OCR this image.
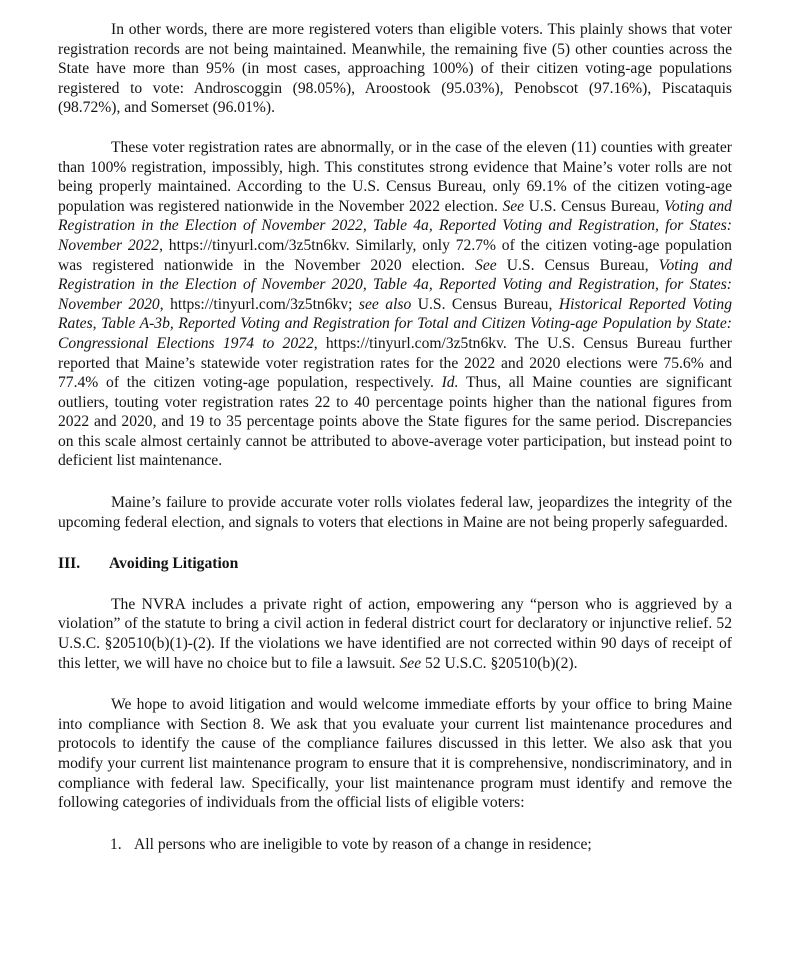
In other words, there are more registered voters than eligible voters. This plainly shows that voter registration records are not being maintained. Meanwhile, the remaining five (5) other counties across the State have more than 95% (in most cases, approaching 100%) of their citizen voting-age populations registered to vote: Androscoggin (98.05%), Aroostook (95.03%), Penobscot (97.16%), Piscataquis (98.72%), and Somerset (96.01%).

These voter registration rates are abnormally, or in the case of the eleven (11) counties with greater than 100% registration, impossibly, high. This constitutes strong evidence that Maine’s voter rolls are not being properly maintained. According to the U.S. Census Bureau, only 69.1% of the citizen voting-age population was registered nationwide in the November 2022 election. See U.S. Census Bureau, Voting and Registration in the Election of November 2022, Table 4a, Reported Voting and Registration, for States: November 2022, https://tinyurl.com/3z5tn6kv. Similarly, only 72.7% of the citizen voting-age population was registered nationwide in the November 2020 election. See U.S. Census Bureau, Voting and Registration in the Election of November 2020, Table 4a, Reported Voting and Registration, for States: November 2020, https://tinyurl.com/3z5tn6kv; see also U.S. Census Bureau, Historical Reported Voting Rates, Table A-3b, Reported Voting and Registration for Total and Citizen Voting-age Population by State: Congressional Elections 1974 to 2022, https://tinyurl.com/3z5tn6kv. The U.S. Census Bureau further reported that Maine’s statewide voter registration rates for the 2022 and 2020 elections were 75.6% and 77.4% of the citizen voting-age population, respectively. Id. Thus, all Maine counties are significant outliers, touting voter registration rates 22 to 40 percentage points higher than the national figures from 2022 and 2020, and 19 to 35 percentage points above the State figures for the same period. Discrepancies on this scale almost certainly cannot be attributed to above-average voter participation, but instead point to deficient list maintenance.

Maine’s failure to provide accurate voter rolls violates federal law, jeopardizes the integrity of the upcoming federal election, and signals to voters that elections in Maine are not being properly safeguarded.

III.	Avoiding Litigation

The NVRA includes a private right of action, empowering any “person who is aggrieved by a violation” of the statute to bring a civil action in federal district court for declaratory or injunctive relief. 52 U.S.C. §20510(b)(1)-(2). If the violations we have identified are not corrected within 90 days of receipt of this letter, we will have no choice but to file a lawsuit. See 52 U.S.C. §20510(b)(2).

We hope to avoid litigation and would welcome immediate efforts by your office to bring Maine into compliance with Section 8. We ask that you evaluate your current list maintenance procedures and protocols to identify the cause of the compliance failures discussed in this letter. We also ask that you modify your current list maintenance program to ensure that it is comprehensive, nondiscriminatory, and in compliance with federal law. Specifically, your list maintenance program must identify and remove the following categories of individuals from the official lists of eligible voters:

1. All persons who are ineligible to vote by reason of a change in residence;
